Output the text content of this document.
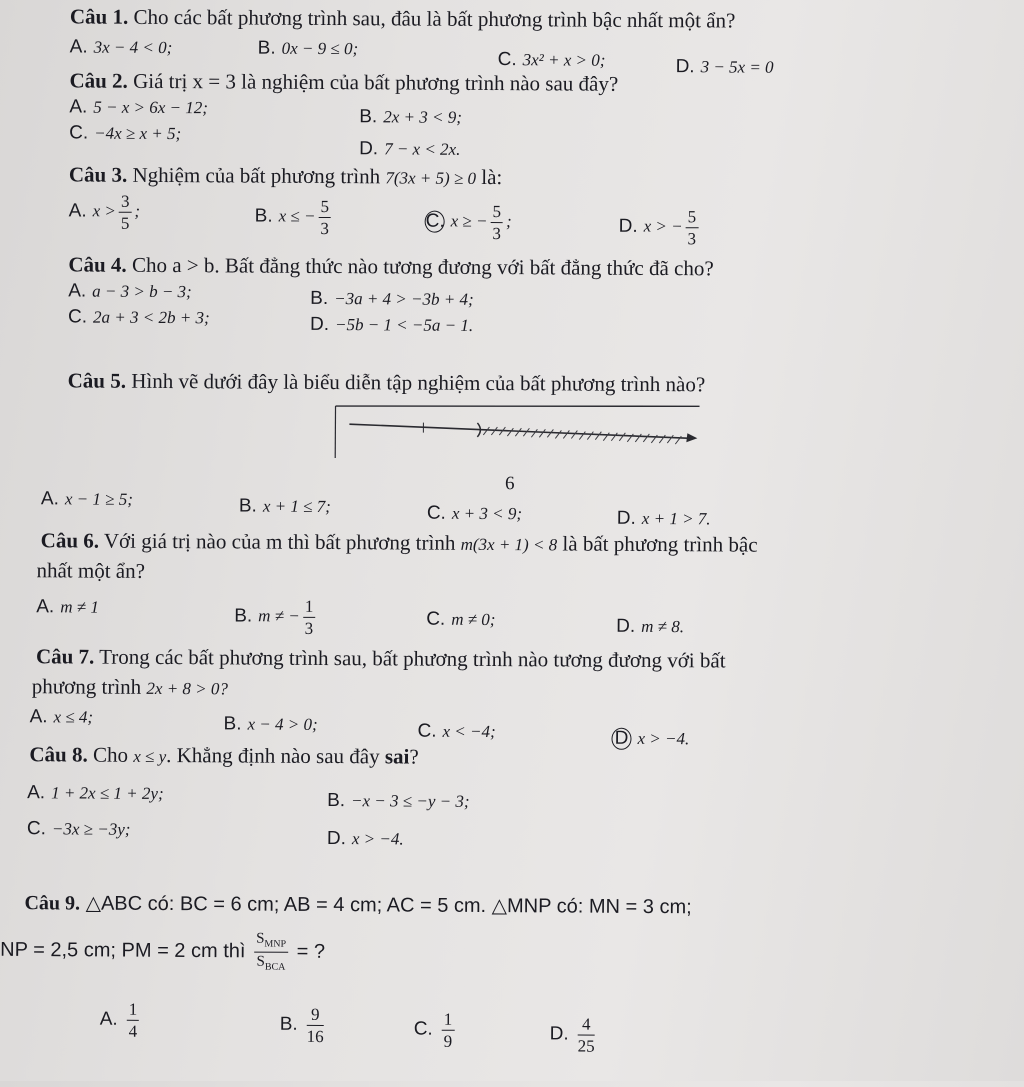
Câu 1. Cho các bất phương trình sau, đâu là bất phương trình bậc nhất một ẩn?
A. 3x − 4 < 0;	B. 0x − 9 ≤ 0;
C. 3x² + x > 0;	D. 3 − 5x = 0
Câu 2. Giá trị x = 3 là nghiệm của bất phương trình nào sau đây?
A. 5 − x > 6x − 12;	B. 2x + 3 < 9;
C. −4x ≥ x + 5;
D. 7 − x < 2x.
Câu 3. Nghiệm của bất phương trình 7(3x + 5) ≥ 0 là:
A. $x > \frac{3}{5}$ ;	B. x ≤ − $\frac{5}{3}$	C. x ≥ − $\frac{5}{3}$ ;	D. x > − $\frac{5}{3}$
Câu 4. Cho a > b. Bất đẳng thức nào tương đương với bất đẳng thức đã cho?
A. a − 3 > b − 3;	B. −3a + 4 > −3b + 4;
C. 2a + 3 < 2b + 3;	D. −5b − 1 < −5a − 1.
Câu 5. Hình vẽ dưới đây là biểu diễn tập nghiệm của bất phương trình nào?
6
A. x − 1 ≥ 5;	B. x + 1 ≤ 7;	C. x + 3 < 9;	D. x + 1 > 7.
Câu 6. Với giá trị nào của m thì bất phương trình m(3x + 1) < 8 là bất phương trình bậc
nhất một ẩn?
A. m ≠ 1	B. m ≠ − $\frac{1}{3}$	C. m ≠ 0;	D. m ≠ 8.
Câu 7. Trong các bất phương trình sau, bất phương trình nào tương đương với bất
phương trình 2x + 8 > 0?
A. x ≤ 4;	B. x − 4 > 0;	C. x < −4;	D x > −4.
Câu 8. Cho x ≤ y. Khẳng định nào sau đây sai?
A. 1 + 2x ≤ 1 + 2y;	B. −x − 3 ≤ −y − 3;
C. −3x ≥ −3y;	D. x > −4.
Câu 9. △ABC có: BC = 6 cm; AB = 4 cm; AC = 5 cm. △MNP có: MN = 3 cm;
NP = 2,5 cm; PM = 2 cm thì $\frac{S_{MNP}}{S_{BCA}}$ = ?
A. $\frac{1}{4}$	B. $\frac{9}{16}$	C. $\frac{1}{9}$	D. $\frac{4}{25}$
